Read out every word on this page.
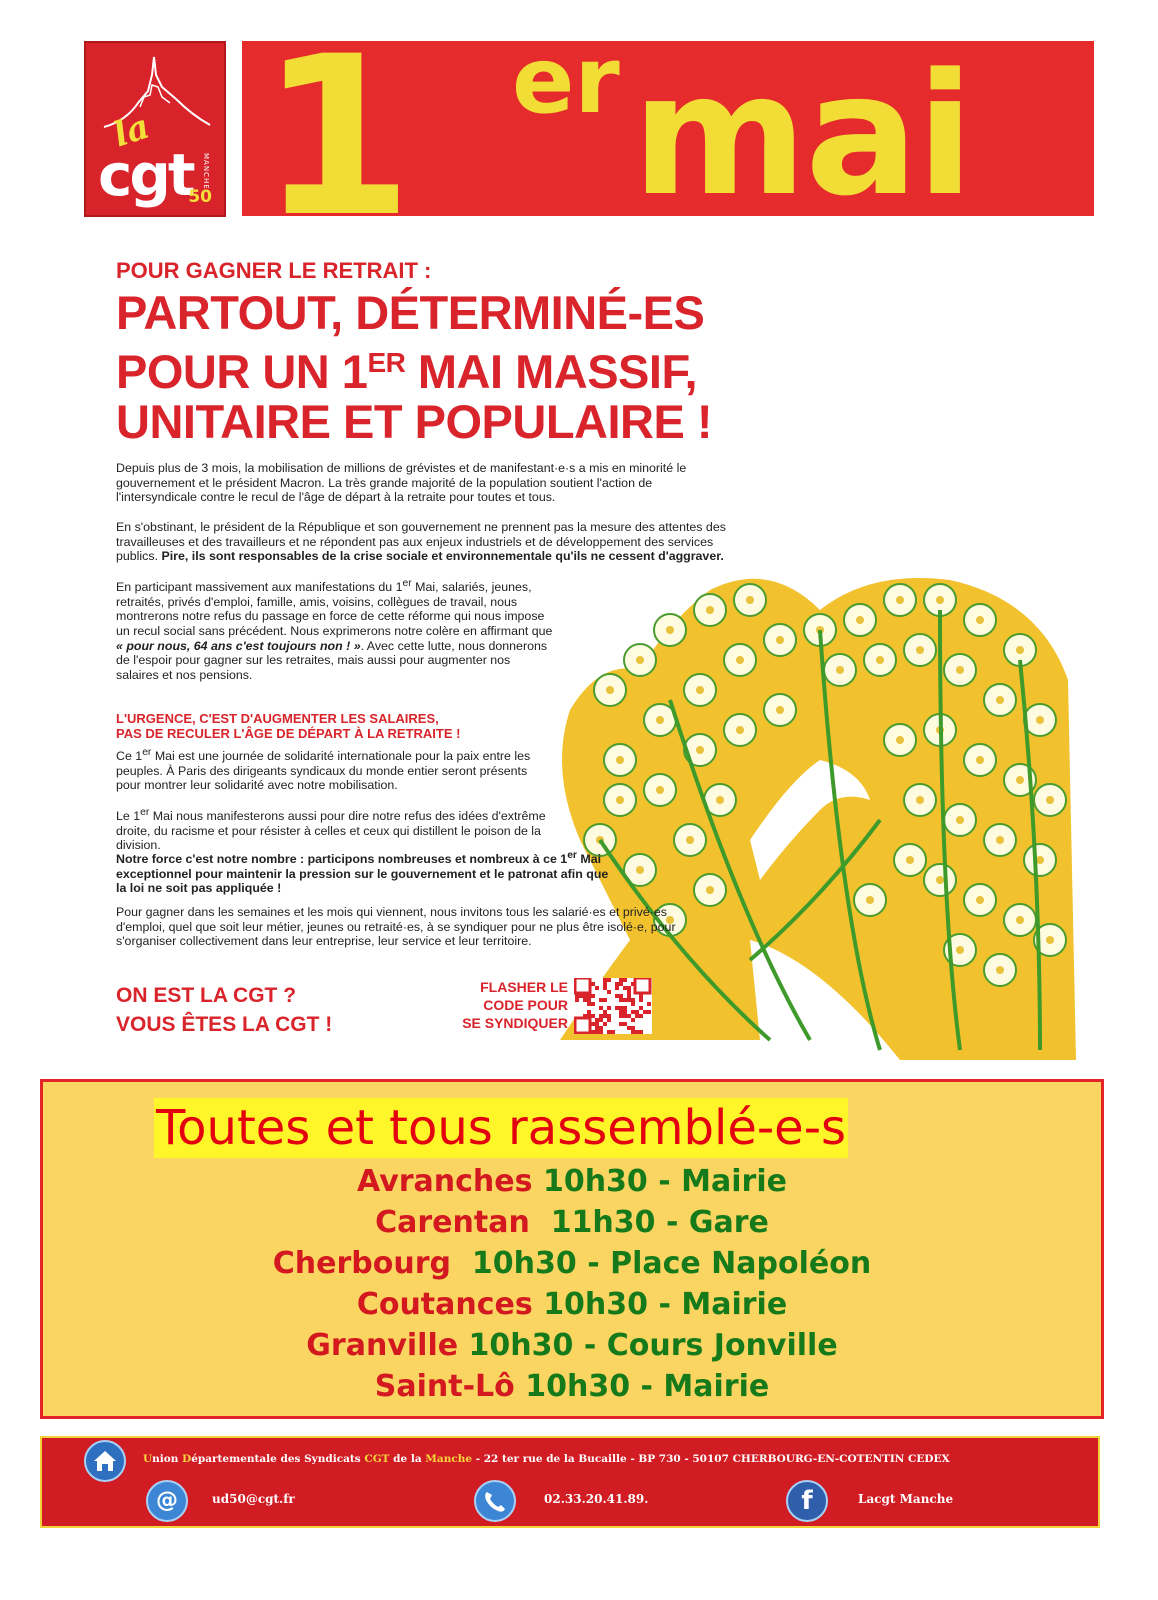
la
cgt MANCHE
50 1 er mai
POUR GAGNER LE RETRAIT :
PARTOUT, DÉTERMINÉ-ES
POUR UN 1ER MAI MASSIF,
UNITAIRE ET POPULAIRE !
Depuis plus de 3 mois, la mobilisation de millions de grévistes et de manifestant·e·s a mis en minorité le gouvernement et le président Macron. La très grande majorité de la population soutient l'action de l'intersyndicale contre le recul de l'âge de départ à la retraite pour toutes et tous.
En s'obstinant, le président de la République et son gouvernement ne prennent pas la mesure des attentes des travailleuses et des travailleurs et ne répondent pas aux enjeux industriels et de développement des services publics. Pire, ils sont responsables de la crise sociale et environnementale qu'ils ne cessent d'aggraver.
En participant massivement aux manifestations du 1er Mai, salariés, jeunes, retraités, privés d'emploi, famille, amis, voisins, collègues de travail, nous montrerons notre refus du passage en force de cette réforme qui nous impose un recul social sans précédent. Nous exprimerons notre colère en affirmant que « pour nous, 64 ans c'est toujours non ! ». Avec cette lutte, nous donnerons de l'espoir pour gagner sur les retraites, mais aussi pour augmenter nos salaires et nos pensions.
L'URGENCE, C'EST D'AUGMENTER LES SALAIRES,
PAS DE RECULER L'ÂGE DE DÉPART À LA RETRAITE !
Ce 1er Mai est une journée de solidarité internationale pour la paix entre les peuples. À Paris des dirigeants syndicaux du monde entier seront présents pour montrer leur solidarité avec notre mobilisation.
Le 1er Mai nous manifesterons aussi pour dire notre refus des idées d'extrême droite, du racisme et pour résister à celles et ceux qui distillent le poison de la division.
Notre force c'est notre nombre : participons nombreuses et nombreux à ce 1er Mai exceptionnel pour maintenir la pression sur le gouvernement et le patronat afin que la loi ne soit pas appliquée !
Pour gagner dans les semaines et les mois qui viennent, nous invitons tous les salarié·es et privé·es d'emploi, quel que soit leur métier, jeunes ou retraité·es, à se syndiquer pour ne plus être isolé·e, pour s'organiser collectivement dans leur entreprise, leur service et leur territoire.
ON EST LA CGT ?
VOUS ÊTES LA CGT !
FLASHER LE
CODE POUR
SE SYNDIQUER
Toutes et tous rassemblé-e-s
Avranches 10h30 - Mairie
Carentan 11h30 - Gare
Cherbourg 10h30 - Place Napoléon
Coutances 10h30 - Mairie
Granville 10h30 - Cours Jonville
Saint-Lô 10h30 - Mairie
Union Départementale des Syndicats CGT de la Manche - 22 ter rue de la Bucaille - BP 730 - 50107 CHERBOURG-EN-COTENTIN CEDEX
@	ud50@cgt.fr	02.33.20.41.89.	f	Lacgt Manche
